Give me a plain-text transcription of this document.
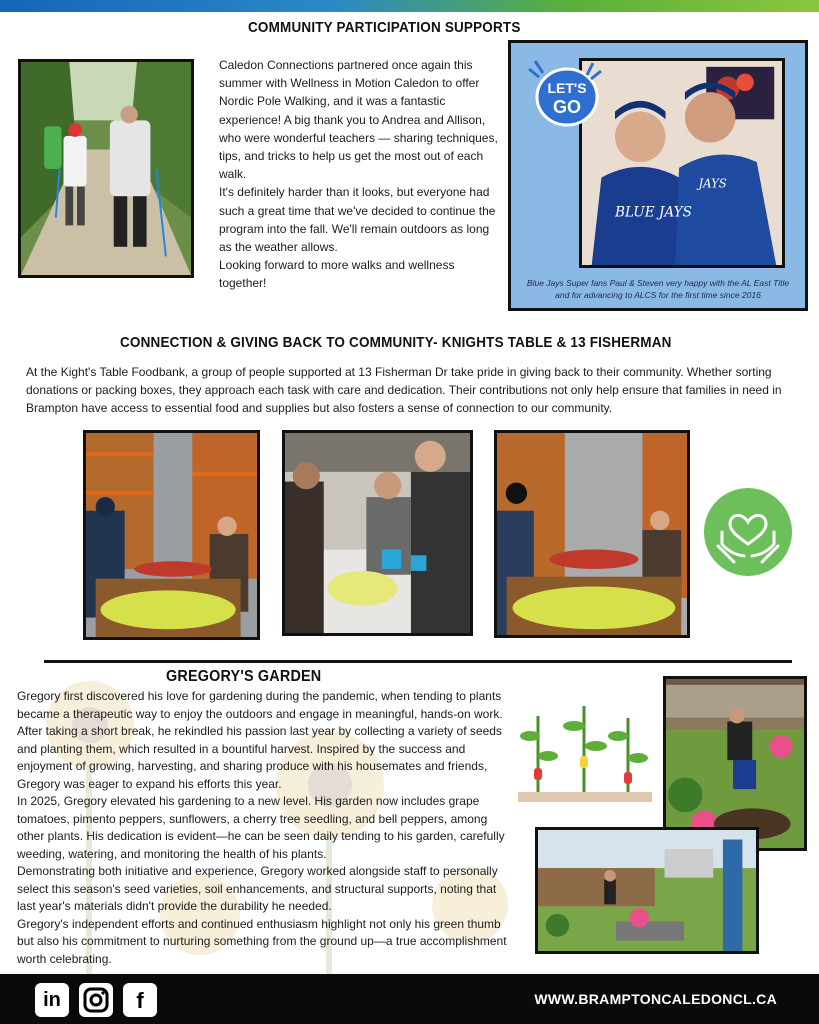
COMMUNITY PARTICIPATION SUPPORTS

Caledon Connections partnered once again this summer with Wellness in Motion Caledon to offer Nordic Pole Walking, and it was a fantastic experience! A big thank you to Andrea and Allison, who were wonderful teachers — sharing techniques, tips, and tricks to help us get the most out of each walk.

It's definitely harder than it looks, but everyone had such a great time that we've decided to continue the program into the fall. We'll remain outdoors as long as the weather allows.

Looking forward to more walks and wellness together!

BLUE JAYS
JAYS
LET'S
GO
Blue Jays Super fans Paul & Steven very happy with the AL East Title and for advancing to ALCS for the first time since 2016
CONNECTION & GIVING BACK TO COMMUNITY- KNIGHTS TABLE & 13 FISHERMAN
At the Kight's Table Foodbank, a group of people supported at 13 Fisherman Dr take pride in giving back to their community. Whether sorting donations or packing boxes, they approach each task with care and dedication. Their contributions not only help ensure that families in need in Brampton have access to essential food and supplies but also fosters a sense of connection to our community.
GREGORY'S GARDEN

Gregory first discovered his love for gardening during the pandemic, when tending to plants became a therapeutic way to enjoy the outdoors and engage in meaningful, hands-on work.

After taking a short break, he rekindled his passion last year by collecting a variety of seeds and planting them, which resulted in a bountiful harvest. Inspired by the success and enjoyment of growing, harvesting, and sharing produce with his housemates and friends, Gregory was eager to expand his efforts this year.

In 2025, Gregory elevated his gardening to a new level. His garden now includes grape tomatoes, pimento peppers, sunflowers, a cherry tree seedling, and bell peppers, among other plants. His dedication is evident—he can be seen daily tending to his garden, carefully weeding, watering, and monitoring the health of his plants.

Demonstrating both initiative and experience, Gregory worked alongside staff to personally select this season's seed varieties, soil enhancements, and structural supports, noting that last year's materials didn't provide the durability he needed.

Gregory's independent efforts and continued enthusiasm highlight not only his green thumb but also his commitment to nurturing something from the ground up—a true accomplishment worth celebrating.

in	f	WWW.BRAMPTONCALEDONCL.CA
